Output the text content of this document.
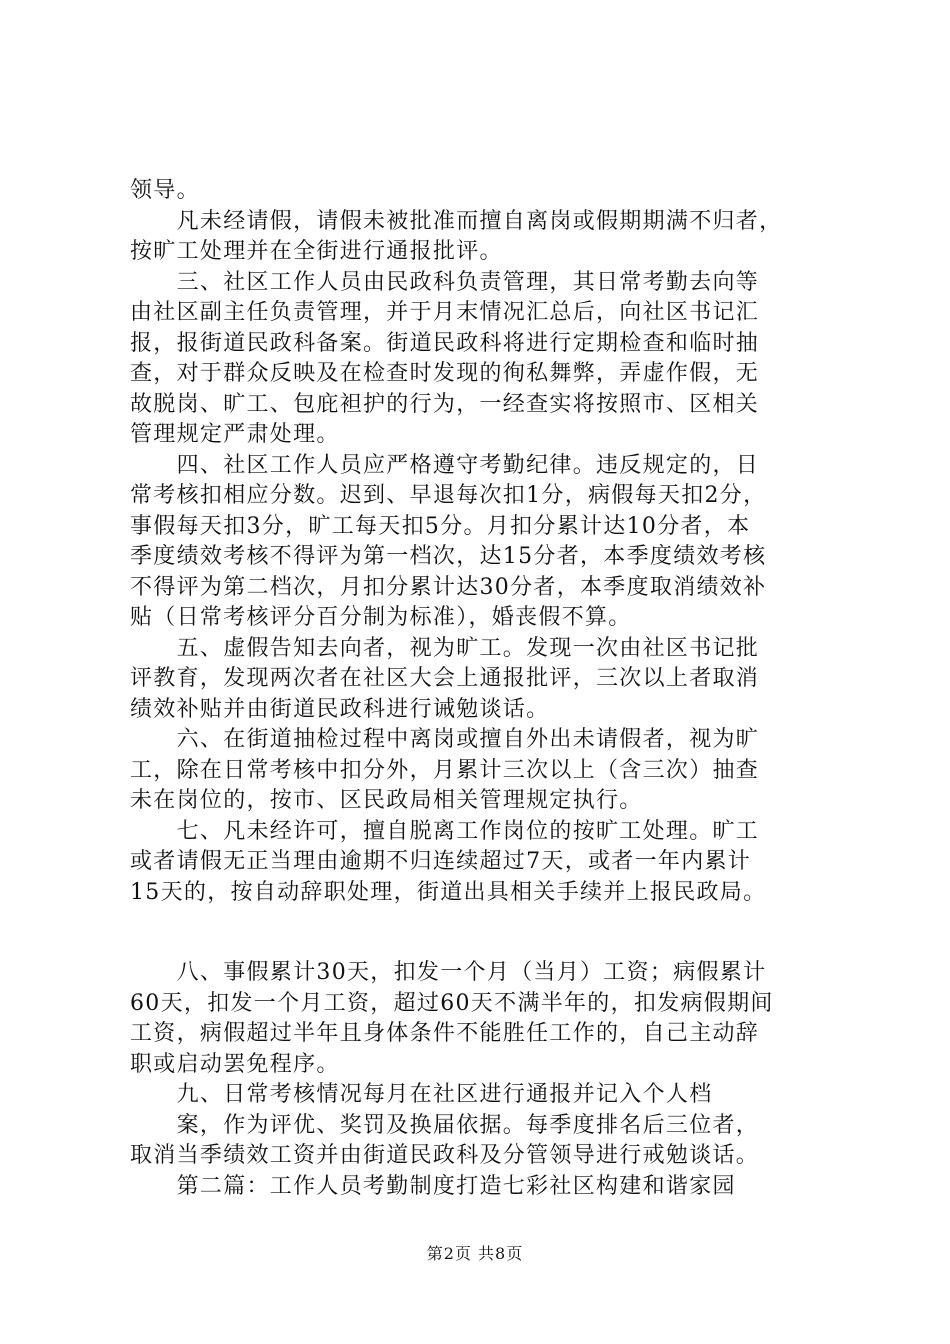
领导。
　　凡未经请假，请假未被批准而擅自离岗或假期期满不归者，
按旷工处理并在全街进行通报批评。
　　三、社区工作人员由民政科负责管理，其日常考勤去向等
由社区副主任负责管理，并于月末情况汇总后，向社区书记汇
报，报街道民政科备案。街道民政科将进行定期检查和临时抽
查，对于群众反映及在检查时发现的徇私舞弊，弄虚作假，无
故脱岗、旷工、包庇袒护的行为，一经查实将按照市、区相关
管理规定严肃处理。
　　四、社区工作人员应严格遵守考勤纪律。违反规定的，日
常考核扣相应分数。迟到、早退每次扣1分，病假每天扣2分，
事假每天扣3分，旷工每天扣5分。月扣分累计达10分者，本
季度绩效考核不得评为第一档次，达15分者，本季度绩效考核
不得评为第二档次，月扣分累计达30分者，本季度取消绩效补
贴（日常考核评分百分制为标准），婚丧假不算。
　　五、虚假告知去向者，视为旷工。发现一次由社区书记批
评教育，发现两次者在社区大会上通报批评，三次以上者取消
绩效补贴并由街道民政科进行诫勉谈话。
　　六、在街道抽检过程中离岗或擅自外出未请假者，视为旷
工，除在日常考核中扣分外，月累计三次以上（含三次）抽查
未在岗位的，按市、区民政局相关管理规定执行。
　　七、凡未经许可，擅自脱离工作岗位的按旷工处理。旷工
或者请假无正当理由逾期不归连续超过7天，或者一年内累计
15天的，按自动辞职处理，街道出具相关手续并上报民政局。
　　八、事假累计30天，扣发一个月（当月）工资；病假累计
60天，扣发一个月工资，超过60天不满半年的，扣发病假期间
工资，病假超过半年且身体条件不能胜任工作的，自己主动辞
职或启动罢免程序。
　　九、日常考核情况每月在社区进行通报并记入个人档
　　案，作为评优、奖罚及换届依据。每季度排名后三位者，
取消当季绩效工资并由街道民政科及分管领导进行戒勉谈话。
　　第二篇：工作人员考勤制度打造七彩社区构建和谐家园
第2页 共8页
